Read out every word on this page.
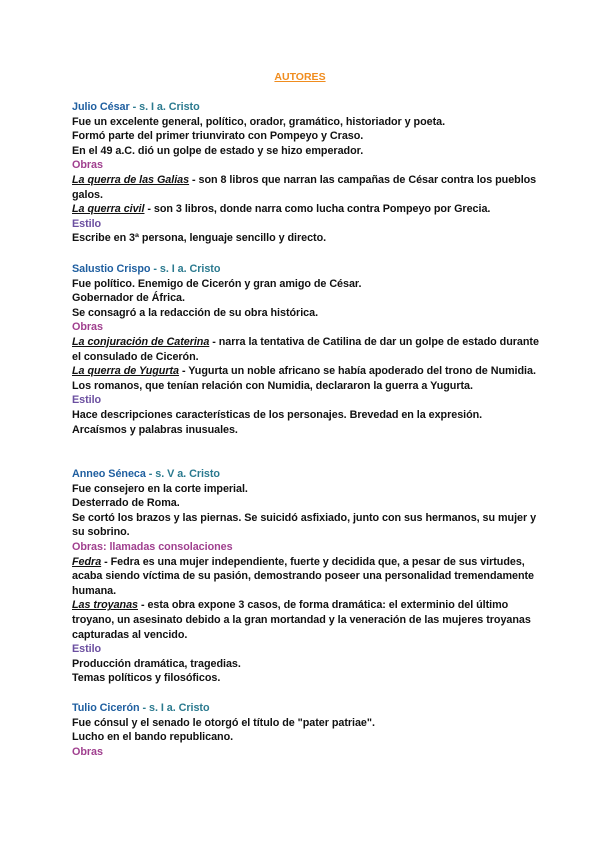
AUTORES

Julio César - s. I a. Cristo

Fue un excelente general, político, orador, gramático, historiador y poeta.

Formó parte del primer triunvirato con Pompeyo y Craso.

En el 49 a.C. dió un golpe de estado y se hizo emperador.

Obras

La querra de las Galias - son 8 libros que narran las campañas de César contra los pueblos galos.

La querra civil - son 3 libros, donde narra como lucha contra Pompeyo por Grecia.

Estilo

Escribe en 3ª persona, lenguaje sencillo y directo.

Salustio Crispo - s. I a. Cristo

Fue político. Enemigo de Cicerón y gran amigo de César.

Gobernador de África.

Se consagró a la redacción de su obra histórica.

Obras

La conjuración de Caterina - narra la tentativa de Catilina de dar un golpe de estado durante el consulado de Cicerón.

La querra de Yugurta - Yugurta un noble africano se había apoderado del trono de Numidia. Los romanos, que tenían relación con Numidia, declararon la guerra a Yugurta.

Estilo

Hace descripciones características de los personajes. Brevedad en la expresión.

Arcaísmos y palabras inusuales.

Anneo Séneca - s. V a. Cristo

Fue consejero en la corte imperial.

Desterrado de Roma.

Se cortó los brazos y las piernas. Se suicidó asfixiado, junto con sus hermanos, su mujer y su sobrino.

Obras: llamadas consolaciones

Fedra - Fedra es una mujer independiente, fuerte y decidida que, a pesar de sus virtudes, acaba siendo víctima de su pasión, demostrando poseer una personalidad tremendamente humana.

Las troyanas - esta obra expone 3 casos, de forma dramática: el exterminio del último troyano, un asesinato debido a la gran mortandad y la veneración de las mujeres troyanas capturadas al vencido.

Estilo

Producción dramática, tragedias.

Temas políticos y filosóficos.

Tulio Cicerón - s. I a. Cristo

Fue cónsul y el senado le otorgó el título de "pater patriae".

Lucho en el bando republicano.

Obras
